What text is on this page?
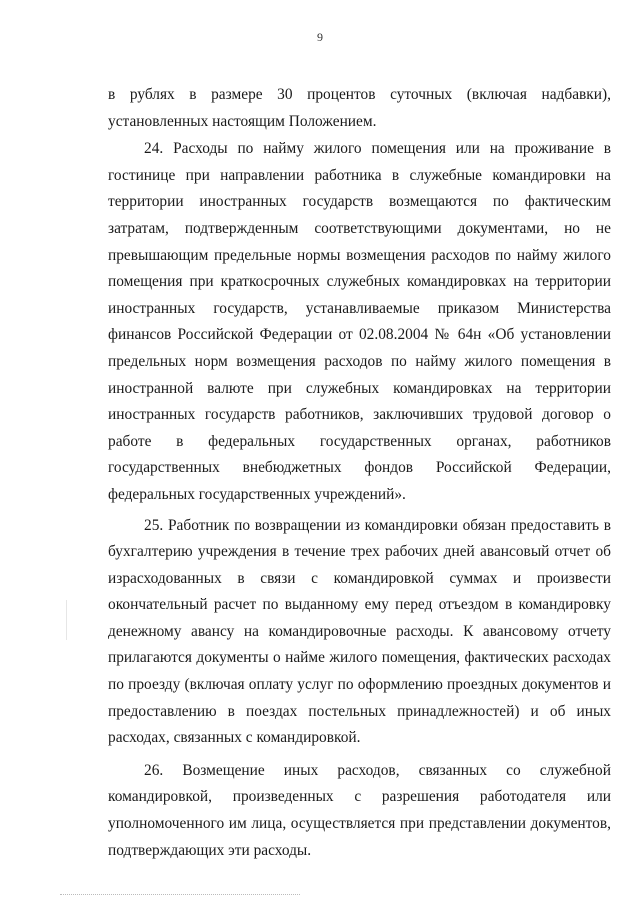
9

в рублях в размере 30 процентов суточных (включая надбавки), установленных настоящим Положением.

24. Расходы по найму жилого помещения или на проживание в гостинице при направлении работника в служебные командировки на территории иностранных государств возмещаются по фактическим затратам, подтвержденным соответствующими документами, но не превышающим предельные нормы возмещения расходов по найму жилого помещения при краткосрочных служебных командировках на территории иностранных государств, устанавливаемые приказом Министерства финансов Российской Федерации от 02.08.2004 № 64н «Об установлении предельных норм возмещения расходов по найму жилого помещения в иностранной валюте при служебных командировках на территории иностранных государств работников, заключивших трудовой договор о работе в федеральных государственных органах, работников государственных внебюджетных фондов Российской Федерации, федеральных государственных учреждений».

25. Работник по возвращении из командировки обязан предоставить в бухгалтерию учреждения в течение трех рабочих дней авансовый отчет об израсходованных в связи с командировкой суммах и произвести окончательный расчет по выданному ему перед отъездом в командировку денежному авансу на командировочные расходы. К авансовому отчету прилагаются документы о найме жилого помещения, фактических расходах по проезду (включая оплату услуг по оформлению проездных документов и предоставлению в поездах постельных принадлежностей) и об иных расходах, связанных с командировкой.

26. Возмещение иных расходов, связанных со служебной командировкой, произведенных с разрешения работодателя или уполномоченного им лица, осуществляется при представлении документов, подтверждающих эти расходы.
